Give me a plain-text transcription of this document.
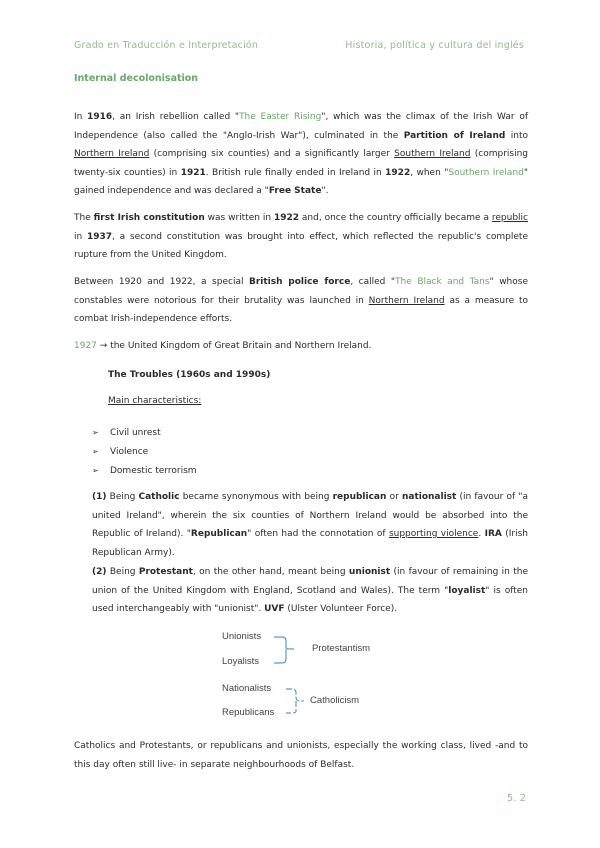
Grado en Traducción e Interpretación	Historia, política y cultura del inglés
Internal decolonisation
In 1916, an Irish rebellion called "The Easter Rising", which was the climax of the Irish War of Independence (also called the "Anglo-Irish War"), culminated in the Partition of Ireland into Northern Ireland (comprising six counties) and a significantly larger Southern Ireland (comprising twenty-six counties) in 1921. British rule finally ended in Ireland in 1922, when "Southern Ireland" gained independence and was declared a "Free State".
The first Irish constitution was written in 1922 and, once the country officially became a republic in 1937, a second constitution was brought into effect, which reflected the republic's complete rupture from the United Kingdom.
Between 1920 and 1922, a special British police force, called "The Black and Tans" whose constables were notorious for their brutality was launched in Northern Ireland as a measure to combat Irish-independence efforts.
1927 → the United Kingdom of Great Britain and Northern Ireland.
The Troubles (1960s and 1990s)
Main characteristics:
➢	Civil unrest
➢	Violence
➢	Domestic terrorism
(1) Being Catholic became synonymous with being republican or nationalist (in favour of "a united Ireland", wherein the six counties of Northern Ireland would be absorbed into the Republic of Ireland). "Republican" often had the connotation of supporting violence. IRA (Irish Republican Army).
(2) Being Protestant, on the other hand, meant being unionist (in favour of remaining in the union of the United Kingdom with England, Scotland and Wales). The term "loyalist" is often used interchangeably with "unionist". UVF (Ulster Volunteer Force).
Unionists
Loyalists
Protestantism
Nationalists
Republicans
Catholicism
Catholics and Protestants, or republicans and unionists, especially the working class, lived -and to this day often still live- in separate neighbourhoods of Belfast.
5. 2
